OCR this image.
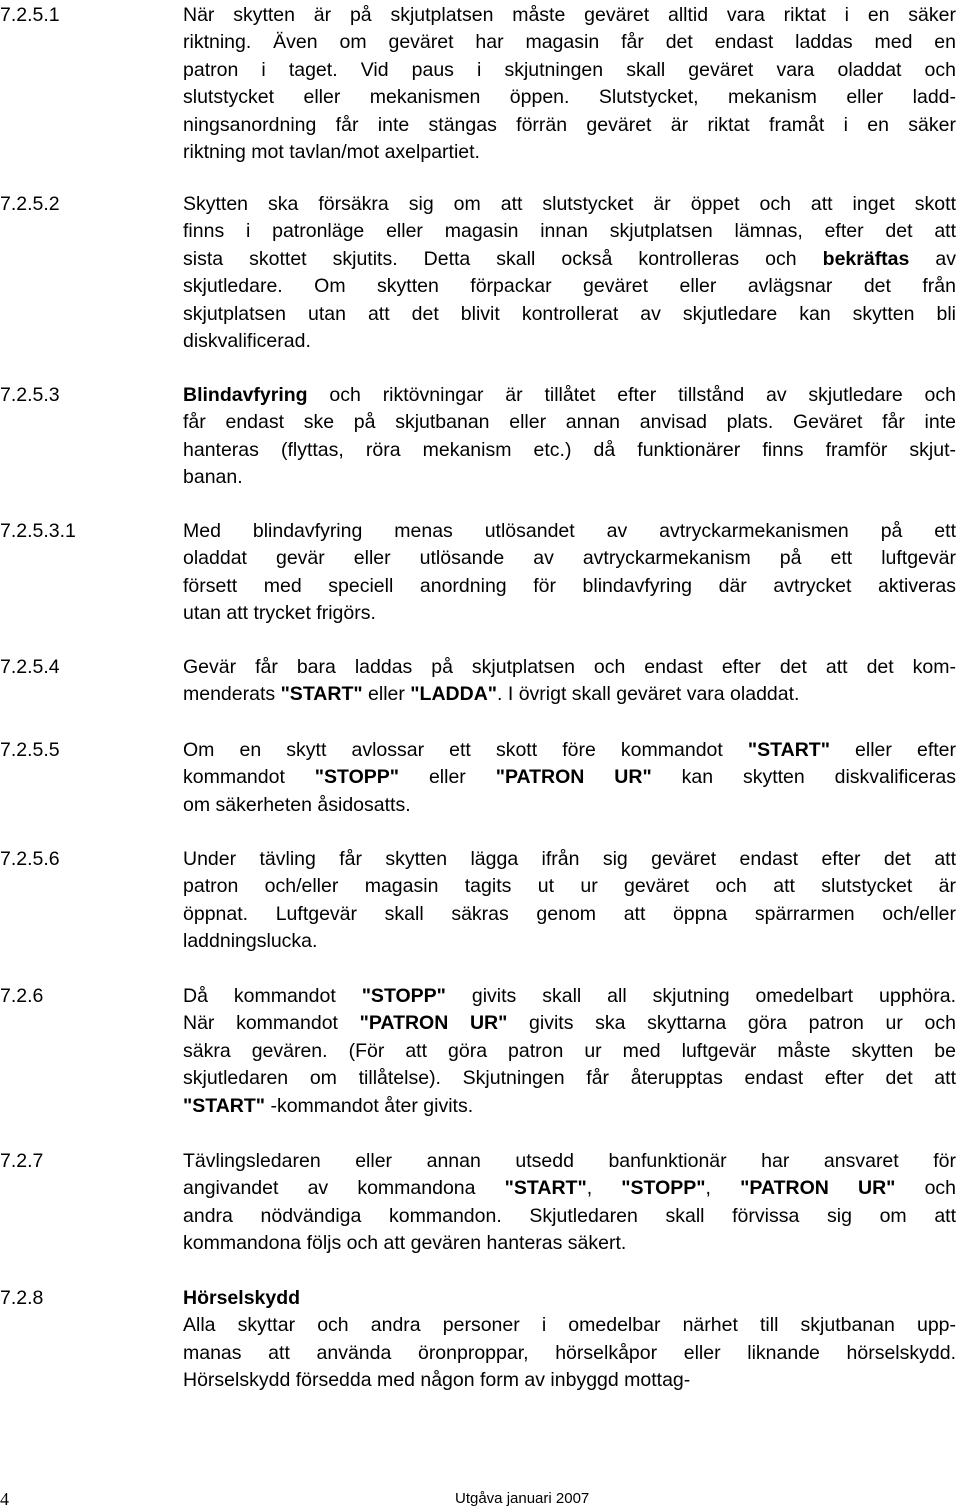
7.2.5.1	När skytten är på skjutplatsen måste geväret alltid vara riktat i en säker
riktning. Även om geväret har magasin får det endast laddas med en
patron i taget. Vid paus i skjutningen skall geväret vara oladdat och
slutstycket eller mekanismen öppen. Slutstycket, mekanism eller ladd-
ningsanordning får inte stängas förrän geväret är riktat framåt i en säker
riktning mot tavlan/mot axelpartiet.
7.2.5.2	Skytten ska försäkra sig om att slutstycket är öppet och att inget skott
finns i patronläge eller magasin innan skjutplatsen lämnas, efter det att
sista skottet skjutits. Detta skall också kontrolleras och bekräftas av
skjutledare. Om skytten förpackar geväret eller avlägsnar det från
skjutplatsen utan att det blivit kontrollerat av skjutledare kan skytten bli
diskvalificerad.
7.2.5.3	Blindavfyring och riktövningar är tillåtet efter tillstånd av skjutledare och
får endast ske på skjutbanan eller annan anvisad plats. Geväret får inte
hanteras (flyttas, röra mekanism etc.) då funktionärer finns framför skjut-
banan.
7.2.5.3.1	Med blindavfyring menas utlösandet av avtryckarmekanismen på ett
oladdat gevär eller utlösande av avtryckarmekanism på ett luftgevär
försett med speciell anordning för blindavfyring där avtrycket aktiveras
utan att trycket frigörs.
7.2.5.4	Gevär får bara laddas på skjutplatsen och endast efter det att det kom-
menderats "START" eller "LADDA". I övrigt skall geväret vara oladdat.
7.2.5.5	Om en skytt avlossar ett skott före kommandot "START" eller efter
kommandot "STOPP" eller "PATRON UR" kan skytten diskvalificeras
om säkerheten åsidosatts.
7.2.5.6	Under tävling får skytten lägga ifrån sig geväret endast efter det att
patron och/eller magasin tagits ut ur geväret och att slutstycket är
öppnat. Luftgevär skall säkras genom att öppna spärrarmen och/eller
laddningslucka.
7.2.6	Då kommandot "STOPP" givits skall all skjutning omedelbart upphöra.
När kommandot "PATRON UR" givits ska skyttarna göra patron ur och
säkra gevären. (För att göra patron ur med luftgevär måste skytten be
skjutledaren om tillåtelse). Skjutningen får återupptas endast efter det att
"START" -kommandot åter givits.
7.2.7	Tävlingsledaren eller annan utsedd banfunktionär har ansvaret för
angivandet av kommandona "START", "STOPP", "PATRON UR" och
andra nödvändiga kommandon. Skjutledaren skall förvissa sig om att
kommandona följs och att gevären hanteras säkert.
7.2.8	Hörselskydd
Alla skyttar och andra personer i omedelbar närhet till skjutbanan upp-
manas att använda öronproppar, hörselkåpor eller liknande hörselskydd.
Hörselskydd försedda med någon form av inbyggd mottag-
4	Utgåva januari 2007
